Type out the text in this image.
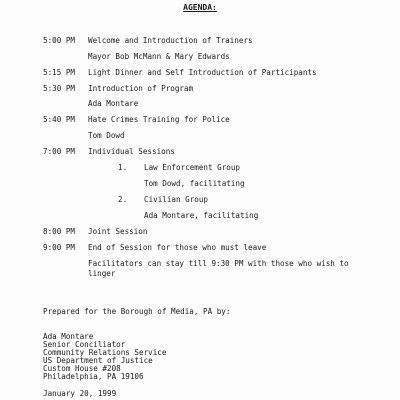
AGENDA:
5:00 PM Welcome and Introduction of Trainers
Mayor Bob McMann & Mary Edwards
5:15 PM Light Dinner and Self Introduction of Participants
5:30 PM Introduction of Program
Ada Montare
5:40 PM Hate Crimes Training for Police
Tom Dowd
7:00 PM Individual Sessions
1. Law Enforcement Group
Tom Dowd, facilitating
2. Civilian Group
Ada Montare, facilitating
8:00 PM Joint Session
9:00 PM End of Session for those who must leave
Facilitators can stay till 9:30 PM with those who wish to linger
Prepared for the Borough of Media, PA by:
Ada Montare
Senior Conciliator
Community Relations Service
US Department of Justice
Custom House #208
Philadelphia, PA 19106
January 20, 1999
